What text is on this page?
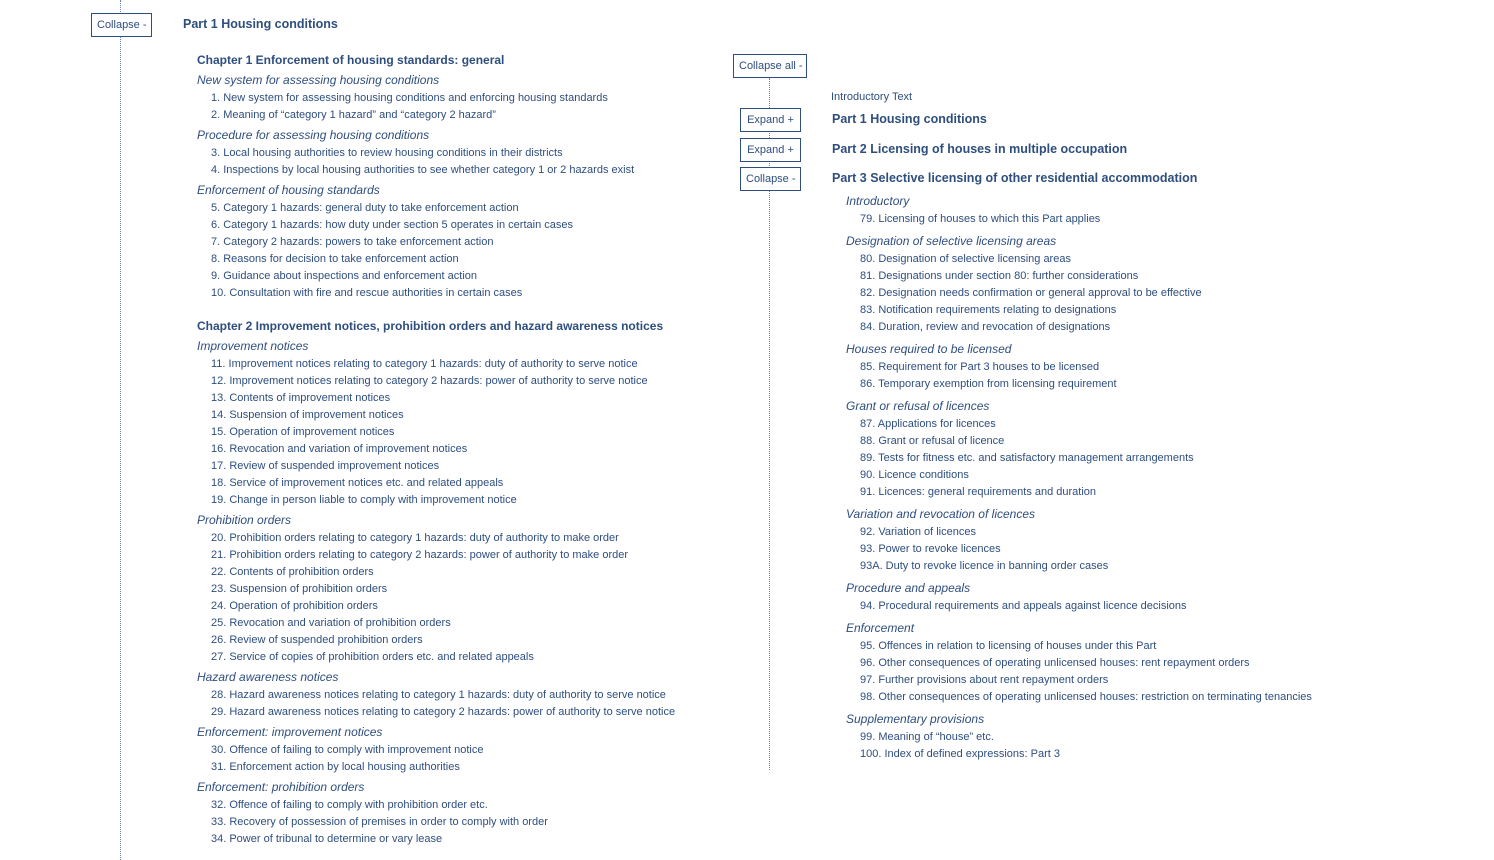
Collapse -	Part 1 Housing conditions
Chapter 1 Enforcement of housing standards: general
New system for assessing housing conditions
1. New system for assessing housing conditions and enforcing housing standards
2. Meaning of “category 1 hazard” and “category 2 hazard”
Procedure for assessing housing conditions
3. Local housing authorities to review housing conditions in their districts
4. Inspections by local housing authorities to see whether category 1 or 2 hazards exist
Enforcement of housing standards
5. Category 1 hazards: general duty to take enforcement action
6. Category 1 hazards: how duty under section 5 operates in certain cases
7. Category 2 hazards: powers to take enforcement action
8. Reasons for decision to take enforcement action
9. Guidance about inspections and enforcement action
10. Consultation with fire and rescue authorities in certain cases
Chapter 2 Improvement notices, prohibition orders and hazard awareness notices
Improvement notices
11. Improvement notices relating to category 1 hazards: duty of authority to serve notice
12. Improvement notices relating to category 2 hazards: power of authority to serve notice
13. Contents of improvement notices
14. Suspension of improvement notices
15. Operation of improvement notices
16. Revocation and variation of improvement notices
17. Review of suspended improvement notices
18. Service of improvement notices etc. and related appeals
19. Change in person liable to comply with improvement notice
Prohibition orders
20. Prohibition orders relating to category 1 hazards: duty of authority to make order
21. Prohibition orders relating to category 2 hazards: power of authority to make order
22. Contents of prohibition orders
23. Suspension of prohibition orders
24. Operation of prohibition orders
25. Revocation and variation of prohibition orders
26. Review of suspended prohibition orders
27. Service of copies of prohibition orders etc. and related appeals
Hazard awareness notices
28. Hazard awareness notices relating to category 1 hazards: duty of authority to serve notice
29. Hazard awareness notices relating to category 2 hazards: power of authority to serve notice
Enforcement: improvement notices
30. Offence of failing to comply with improvement notice
31. Enforcement action by local housing authorities
Enforcement: prohibition orders
32. Offence of failing to comply with prohibition order etc.
33. Recovery of possession of premises in order to comply with order
34. Power of tribunal to determine or vary lease
Collapse all -
Introductory Text
Expand +	Part 1 Housing conditions
Expand +	Part 2 Licensing of houses in multiple occupation
Collapse -	Part 3 Selective licensing of other residential accommodation
Introductory
79. Licensing of houses to which this Part applies
Designation of selective licensing areas
80. Designation of selective licensing areas
81. Designations under section 80: further considerations
82. Designation needs confirmation or general approval to be effective
83. Notification requirements relating to designations
84. Duration, review and revocation of designations
Houses required to be licensed
85. Requirement for Part 3 houses to be licensed
86. Temporary exemption from licensing requirement
Grant or refusal of licences
87. Applications for licences
88. Grant or refusal of licence
89. Tests for fitness etc. and satisfactory management arrangements
90. Licence conditions
91. Licences: general requirements and duration
Variation and revocation of licences
92. Variation of licences
93. Power to revoke licences
93A. Duty to revoke licence in banning order cases
Procedure and appeals
94. Procedural requirements and appeals against licence decisions
Enforcement
95. Offences in relation to licensing of houses under this Part
96. Other consequences of operating unlicensed houses: rent repayment orders
97. Further provisions about rent repayment orders
98. Other consequences of operating unlicensed houses: restriction on terminating tenancies
Supplementary provisions
99. Meaning of “house” etc.
100. Index of defined expressions: Part 3
